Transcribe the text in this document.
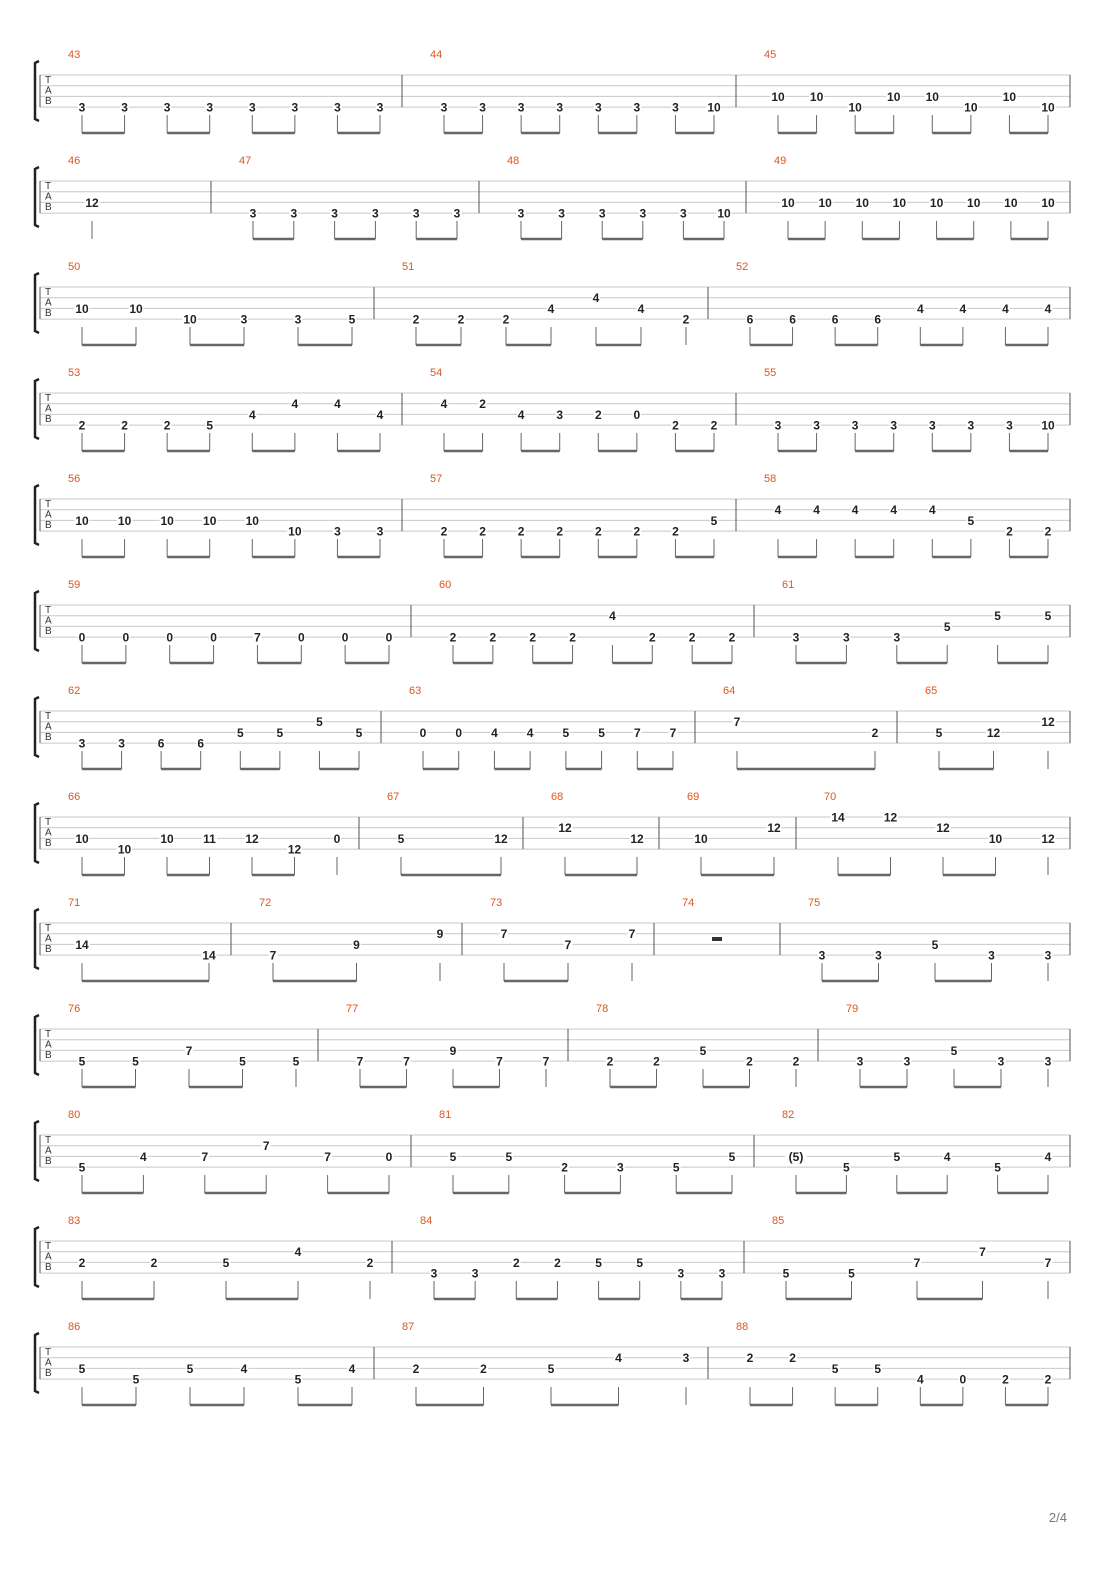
T
A
B
43
3	3	3	3	3	3	3	3
44
3	3	3	3	3	3	3 10
45
10 10
10
10 10
10
10
10
T
A
B
46
12
47
3	3	3	3	3	3
48
3	3	3	3	3	10
49
10 10 10 10 10 10 10 10
T
A
B
50
10	10
10	3	3	5
51
2	2	2
4
4
4
2
52
6	6	6	6
4	4	4	4
T
A
B
53
2	2	2	5
4
4	4
4
54
4	2
4	3	2	0
2	2
55
3	3	3	3	3	3	3 10
T
A
B
56
10 10 10 10 10
10	3	3
57
2	2	2	2	2	2	2
5
58
4	4	4	4	4
5
2	2
T
A
B
59
0	0	0	0	7	0	0	0
60
2	2	2	2
4
2	2	2
61
3	3	3
5
5	5
T
A
B
62
3	3	6	6
5	5
5
5
63
0 0 4 4 5 5 7 7
64
7
2
65
5	12
12
T
A
B
66
10
10
10 11 12
12
0
67
5	12
68
12
12
69
10
12
70
14	12
12
10	12
T
A
B
71
14
14
72
7
9
9
73
7
7
7
74	75
3	3
5
3	3
T
A
B
76
5	5
7
5	5
77
7	7
9
7	7
78
2	2
5
2	2
79
3	3
5
3	3
T
A
B
80
5
4	7
7
7	0
81
5	5
2	3	5
5
82
(5)
5
5	4
5
4
T
A
B
83
2	2	5
4
2
84
3	3
2	2	5	5
3	3
85
5	5
7
7
7
T
A
B
86
5
5
5	4
5
4
87
2	2	5
4	3
88
2	2
5	5
4	0	2	2
2/4
